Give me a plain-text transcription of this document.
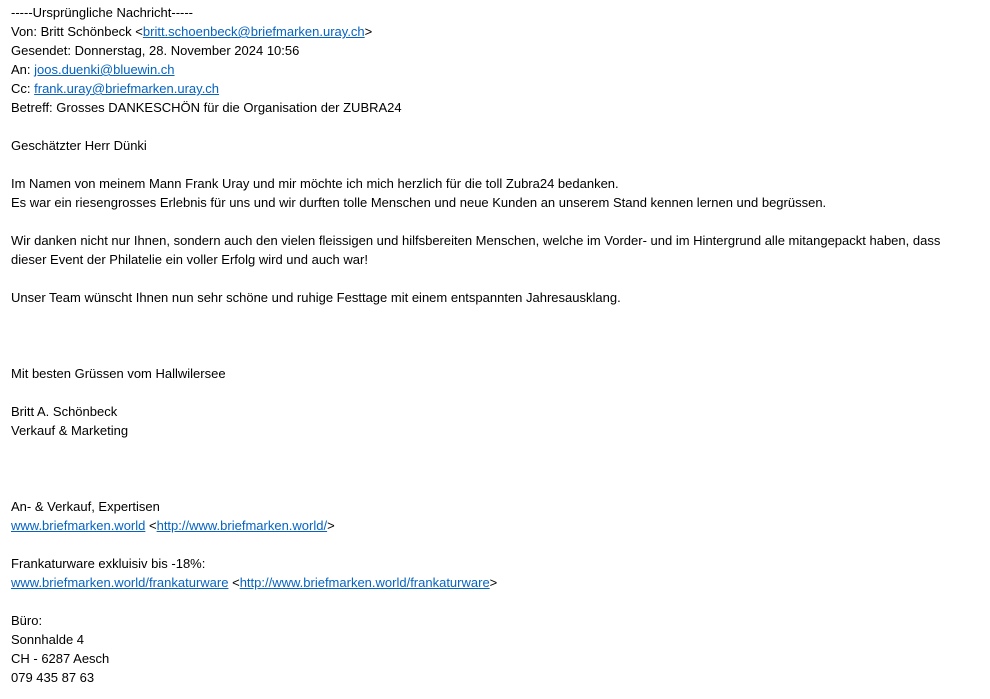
-----Ursprüngliche Nachricht-----
Von: Britt Schönbeck <britt.schoenbeck@briefmarken.uray.ch>
Gesendet: Donnerstag, 28. November 2024 10:56
An: joos.duenki@bluewin.ch
Cc: frank.uray@briefmarken.uray.ch
Betreff: Grosses DANKESCHÖN für die Organisation der ZUBRA24
Geschätzter Herr Dünki
Im Namen von meinem Mann Frank Uray und mir möchte ich mich herzlich für die toll Zubra24 bedanken.
Es war ein riesengrosses Erlebnis für uns und wir durften tolle Menschen und neue Kunden an unserem Stand kennen lernen und begrüssen.
Wir danken nicht nur Ihnen, sondern auch den vielen fleissigen und hilfsbereiten Menschen, welche im Vorder- und im Hintergrund alle mitangepackt haben, dass
dieser Event der Philatelie ein voller Erfolg wird und auch war!
Unser Team wünscht Ihnen nun sehr schöne und ruhige Festtage mit einem entspannten Jahresausklang.
Mit besten Grüssen vom Hallwilersee
Britt A. Schönbeck
Verkauf & Marketing
An- & Verkauf, Expertisen
www.briefmarken.world <http://www.briefmarken.world/>
Frankaturware exkluisiv bis -18%:
www.briefmarken.world/frankaturware <http://www.briefmarken.world/frankaturware>
Büro:
Sonnhalde 4
CH - 6287 Aesch
079 435 87 63
